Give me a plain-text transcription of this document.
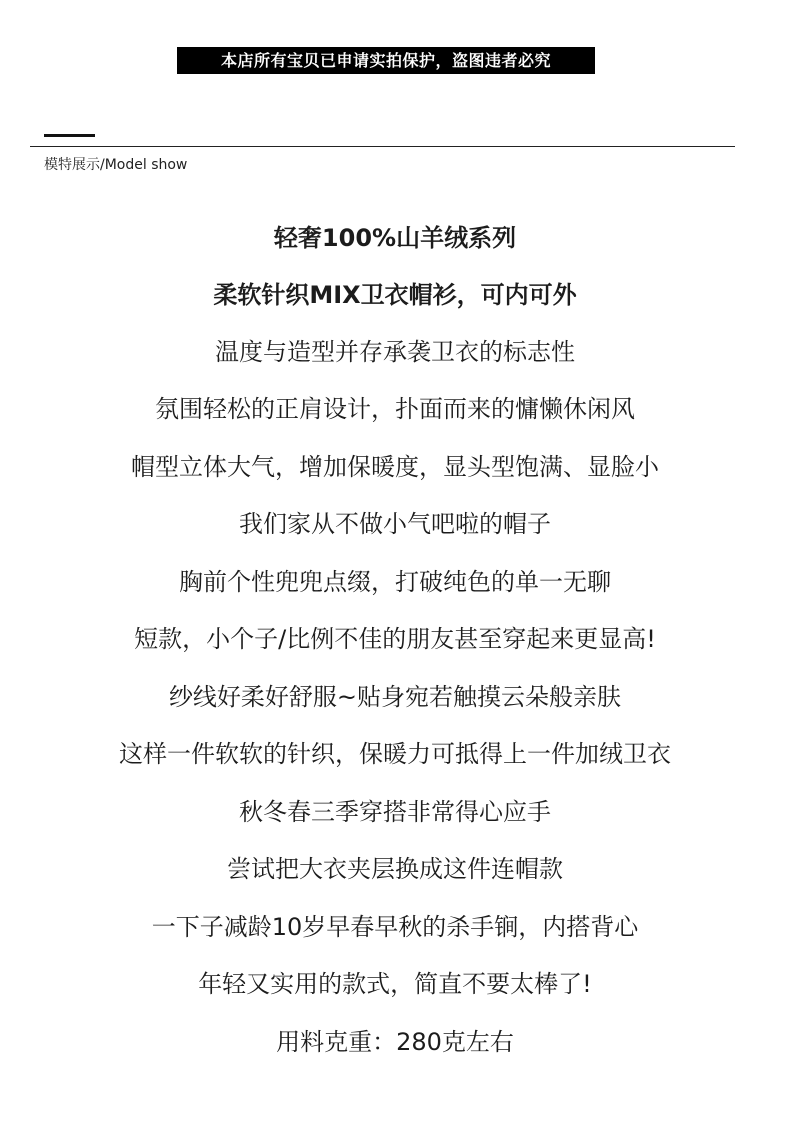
本店所有宝贝已申请实拍保护，盗图违者必究
模特展示/Model show
轻奢100%山羊绒系列
柔软针织MIX卫衣帽衫，可内可外
温度与造型并存承袭卫衣的标志性
氛围轻松的正肩设计，扑面而来的慵懒休闲风
帽型立体大气，增加保暖度，显头型饱满、显脸小
我们家从不做小气吧啦的帽子
胸前个性兜兜点缀，打破纯色的单一无聊
短款，小个子/比例不佳的朋友甚至穿起来更显高!
纱线好柔好舒服~贴身宛若触摸云朵般亲肤
这样一件软软的针织，保暖力可抵得上一件加绒卫衣
秋冬春三季穿搭非常得心应手
尝试把大衣夹层换成这件连帽款
一下子减龄10岁早春早秋的杀手锏，内搭背心
年轻又实用的款式，简直不要太棒了!
用料克重：280克左右
